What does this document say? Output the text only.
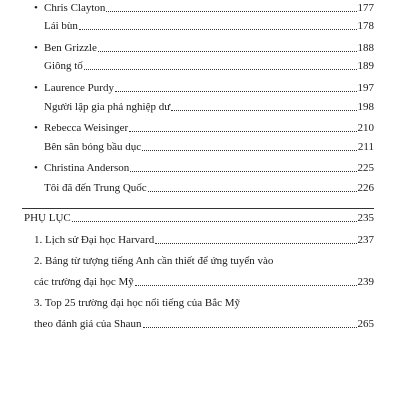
• Chris Clayton	177
Lái bùn	178
• Ben Grizzle	188
Giông tố	189
• Laurence Purdy	197
Người lập gia phả nghiệp dư	198
• Rebecca Weisinger	210
Bên sân bóng bầu dục	211
• Christina Anderson	225
Tôi đã đến Trung Quốc	226
PHỤ LỤC	235
1. Lịch sử Đại học Harvard	237
2. Bảng từ tượng tiếng Anh cần thiết để ứng tuyển vào
các trường đại học Mỹ	239
3. Top 25 trường đại học nổi tiếng của Bắc Mỹ
theo đánh giá của Shaun	265
